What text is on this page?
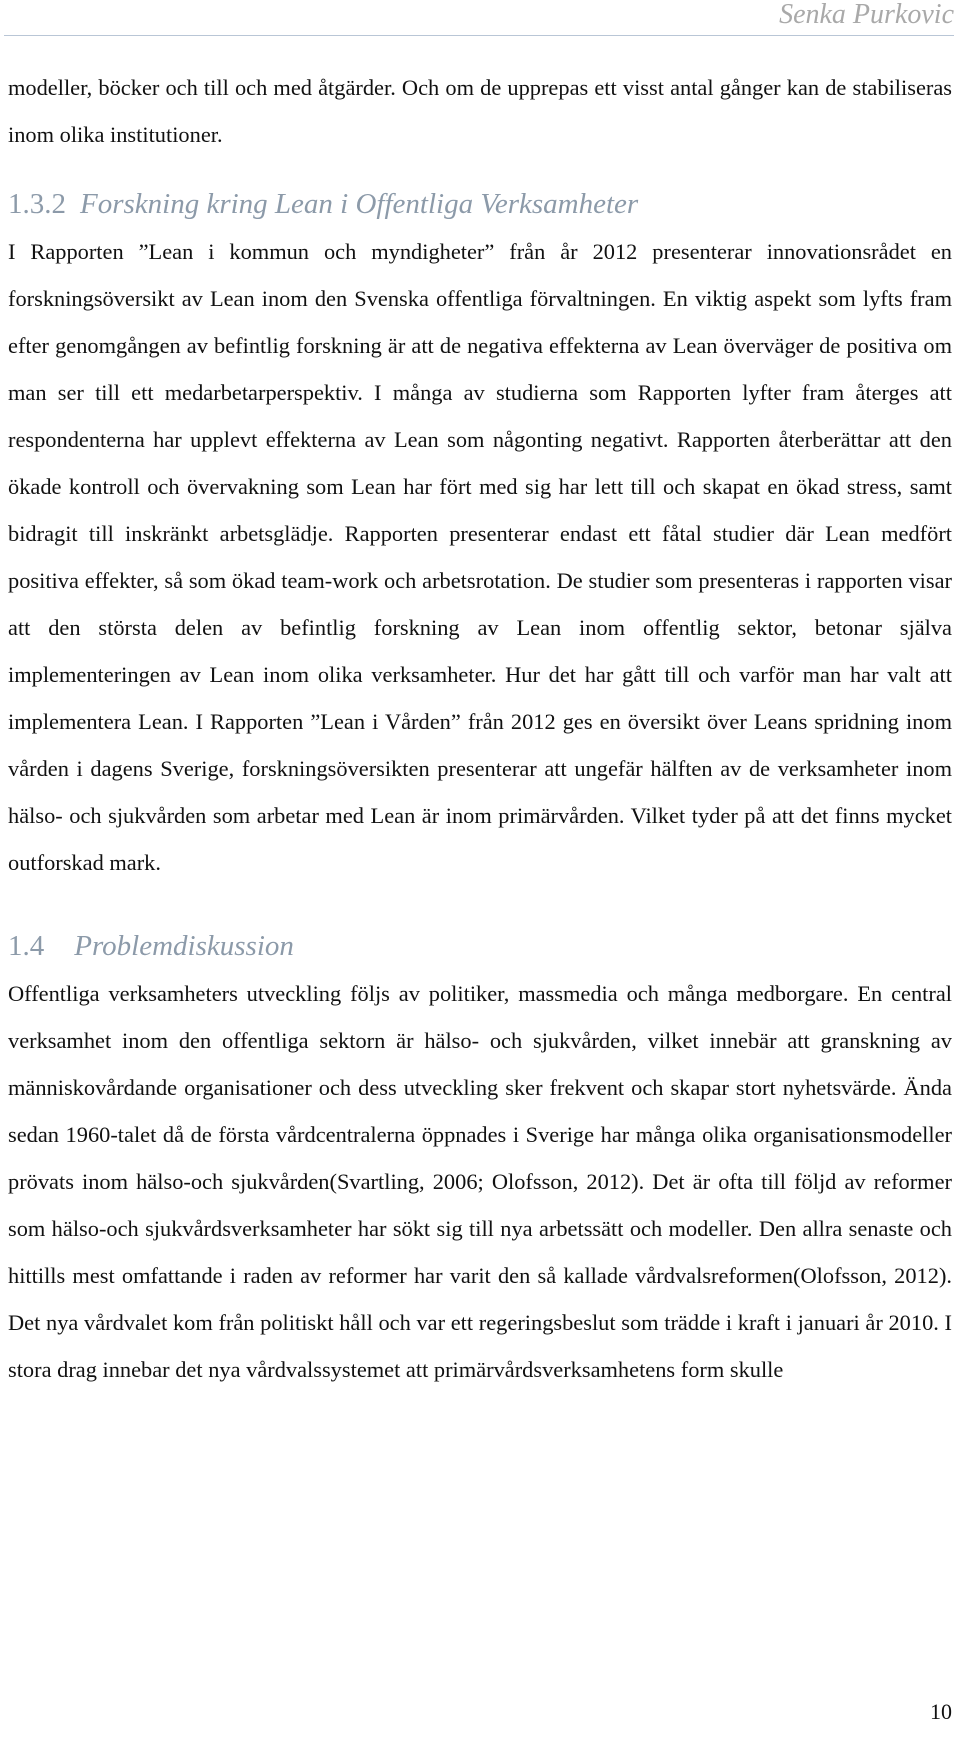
Senka Purkovic

modeller, böcker och till och med åtgärder. Och om de upprepas ett visst antal gånger kan de stabiliseras inom olika institutioner.

1.3.2 Forskning kring Lean i Offentliga Verksamheter

I Rapporten ”Lean i kommun och myndigheter” från år 2012 presenterar innovationsrådet en forskningsöversikt av Lean inom den Svenska offentliga förvaltningen. En viktig aspekt som lyfts fram efter genomgången av befintlig forskning är att de negativa effekterna av Lean överväger de positiva om man ser till ett medarbetarperspektiv. I många av studierna som Rapporten lyfter fram återges att respondenterna har upplevt effekterna av Lean som någonting negativt. Rapporten återberättar att den ökade kontroll och övervakning som Lean har fört med sig har lett till och skapat en ökad stress, samt bidragit till inskränkt arbetsglädje. Rapporten presenterar endast ett fåtal studier där Lean medfört positiva effekter, så som ökad team-work och arbetsrotation. De studier som presenteras i rapporten visar att den största delen av befintlig forskning av Lean inom offentlig sektor, betonar själva implementeringen av Lean inom olika verksamheter. Hur det har gått till och varför man har valt att implementera Lean. I Rapporten ”Lean i Vården” från 2012 ges en översikt över Leans spridning inom vården i dagens Sverige, forskningsöversikten presenterar att ungefär hälften av de verksamheter inom hälso- och sjukvården som arbetar med Lean är inom primärvården. Vilket tyder på att det finns mycket outforskad mark.

1.4 Problemdiskussion

Offentliga verksamheters utveckling följs av politiker, massmedia och många medborgare. En central verksamhet inom den offentliga sektorn är hälso- och sjukvården, vilket innebär att granskning av människovårdande organisationer och dess utveckling sker frekvent och skapar stort nyhetsvärde. Ända sedan 1960-talet då de första vårdcentralerna öppnades i Sverige har många olika organisationsmodeller prövats inom hälso-och sjukvården(Svartling, 2006; Olofsson, 2012). Det är ofta till följd av reformer som hälso-och sjukvårdsverksamheter har sökt sig till nya arbetssätt och modeller. Den allra senaste och hittills mest omfattande i raden av reformer har varit den så kallade vårdvalsreformen(Olofsson, 2012). Det nya vårdvalet kom från politiskt håll och var ett regeringsbeslut som trädde i kraft i januari år 2010. I stora drag innebar det nya vårdvalssystemet att primärvårdsverksamhetens form skulle

10
